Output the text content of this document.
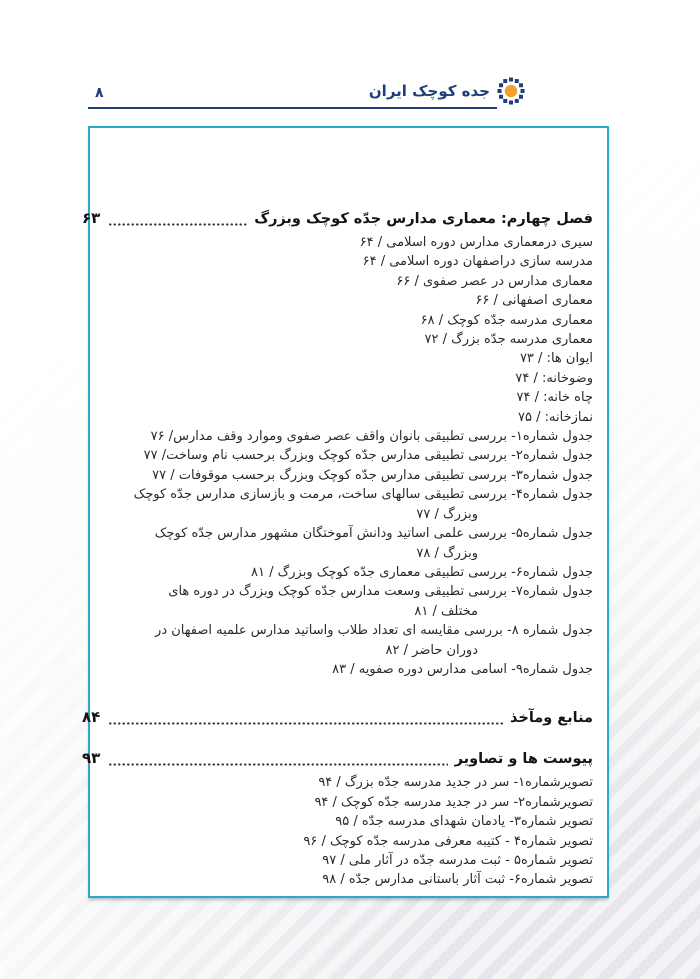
۸	جده کوچک ایران
فصل چهارم: معماری مدارس جدّه کوچک وبزرگ
۶۳
سیری درمعماری مدارس دوره اسلامی / ۶۴
مدرسه سازی دراصفهان دوره اسلامی / ۶۴
معماری مدارس در عصر صفوی / ۶۶
معماری اصفهانی / ۶۶
معماری مدرسه جدّه کوچک / ۶۸
معماری مدرسه جدّه بزرگ / ۷۲
ایوان ها: / ۷۳
وضوخانه: / ۷۴
چاه خانه: / ۷۴
نمازخانه: / ۷۵
جدول شماره۱- بررسی تطبیقی بانوان واقف عصر صفوی وموارد وقف مدارس/ ۷۶
جدول شماره۲- بررسی تطبیقی مدارس جدّه کوچک وبزرگ برحسب نام وساخت/ ۷۷
جدول شماره۳- بررسی تطبیقی مدارس جدّه کوچک وبزرگ برحسب موقوفات / ۷۷
جدول شماره۴- بررسی تطبیقی سالهای ساخت، مرمت و بازسازی مدارس جدّه کوچک
وبزرگ / ۷۷
جدول شماره۵- بررسی علمی اساتید ودانش آموختگان مشهور مدارس جدّه کوچک
وبزرگ / ۷۸
جدول شماره۶- بررسی تطبیقی معماری جدّه کوچک وبزرگ / ۸۱
جدول شماره۷- بررسی تطبیقی وسعت مدارس جدّه کوچک وبزرگ در دوره های
مختلف / ۸۱
جدول شماره ۸- بررسی مقایسه ای تعداد طلاب واساتید مدارس علمیه اصفهان در
دوران حاضر / ۸۲
جدول شماره۹- اسامی مدارس دوره صفویه / ۸۳
منابع ومآخذ
۸۴
پیوست ها و تصاویر
۹۳
تصویرشماره۱- سر در جدید مدرسه جدّه بزرگ / ۹۴
تصویرشماره۲- سر در جدید مدرسه جدّه کوچک / ۹۴
تصویر شماره۳- یادمان شهدای مدرسه جدّه / ۹۵
تصویر شماره۴ - کتیبه معرفی مدرسه جدّه کوچک / ۹۶
تصویر شماره۵ - ثبت مدرسه جدّه در آثار ملی / ۹۷
تصویر شماره۶- ثبت آثار باستانی مدارس جدّه / ۹۸
